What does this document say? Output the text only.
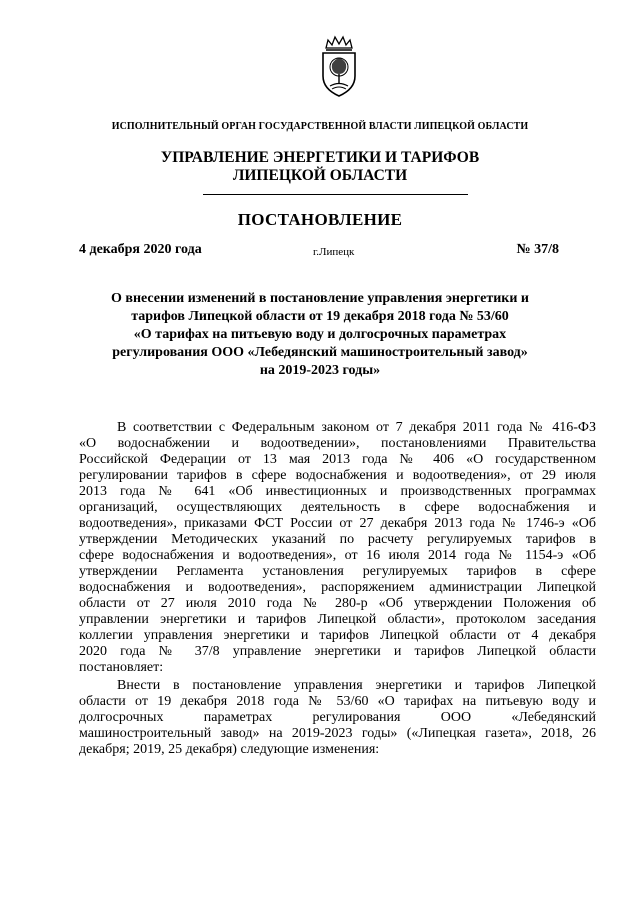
ИСПОЛНИТЕЛЬНЫЙ ОРГАН ГОСУДАРСТВЕННОЙ ВЛАСТИ ЛИПЕЦКОЙ ОБЛАСТИ
УПРАВЛЕНИЕ ЭНЕРГЕТИКИ И ТАРИФОВ
ЛИПЕЦКОЙ ОБЛАСТИ
ПОСТАНОВЛЕНИЕ
4 декабря 2020 года	г.Липецк	№ 37/8
О внесении изменений в постановление управления энергетики и
тарифов Липецкой области от 19 декабря 2018 года № 53/60
«О тарифах на питьевую воду и долгосрочных параметрах
регулирования ООО «Лебедянский машиностроительный завод»
на 2019-2023 годы»
В соответствии с Федеральным законом от 7 декабря 2011 года № 416-ФЗ
«О водоснабжении и водоотведении», постановлениями Правительства
Российской Федерации от 13 мая 2013 года № 406 «О государственном
регулировании тарифов в сфере водоснабжения и водоотведения», от 29 июля
2013 года № 641 «Об инвестиционных и производственных программах
организаций, осуществляющих деятельность в сфере водоснабжения и
водоотведения», приказами ФСТ России от 27 декабря 2013 года № 1746-э «Об
утверждении Методических указаний по расчету регулируемых тарифов в
сфере водоснабжения и водоотведения», от 16 июля 2014 года № 1154-э «Об
утверждении Регламента установления регулируемых тарифов в сфере
водоснабжения и водоотведения», распоряжением администрации Липецкой
области от 27 июля 2010 года № 280-р «Об утверждении Положения об
управлении энергетики и тарифов Липецкой области», протоколом заседания
коллегии управления энергетики и тарифов Липецкой области от 4 декабря
2020 года № 37/8 управление энергетики и тарифов Липецкой области
постановляет:
Внести в постановление управления энергетики и тарифов Липецкой
области от 19 декабря 2018 года № 53/60 «О тарифах на питьевую воду и
долгосрочных параметрах регулирования ООО «Лебедянский
машиностроительный завод» на 2019-2023 годы» («Липецкая газета», 2018, 26
декабря; 2019, 25 декабря) следующие изменения:
